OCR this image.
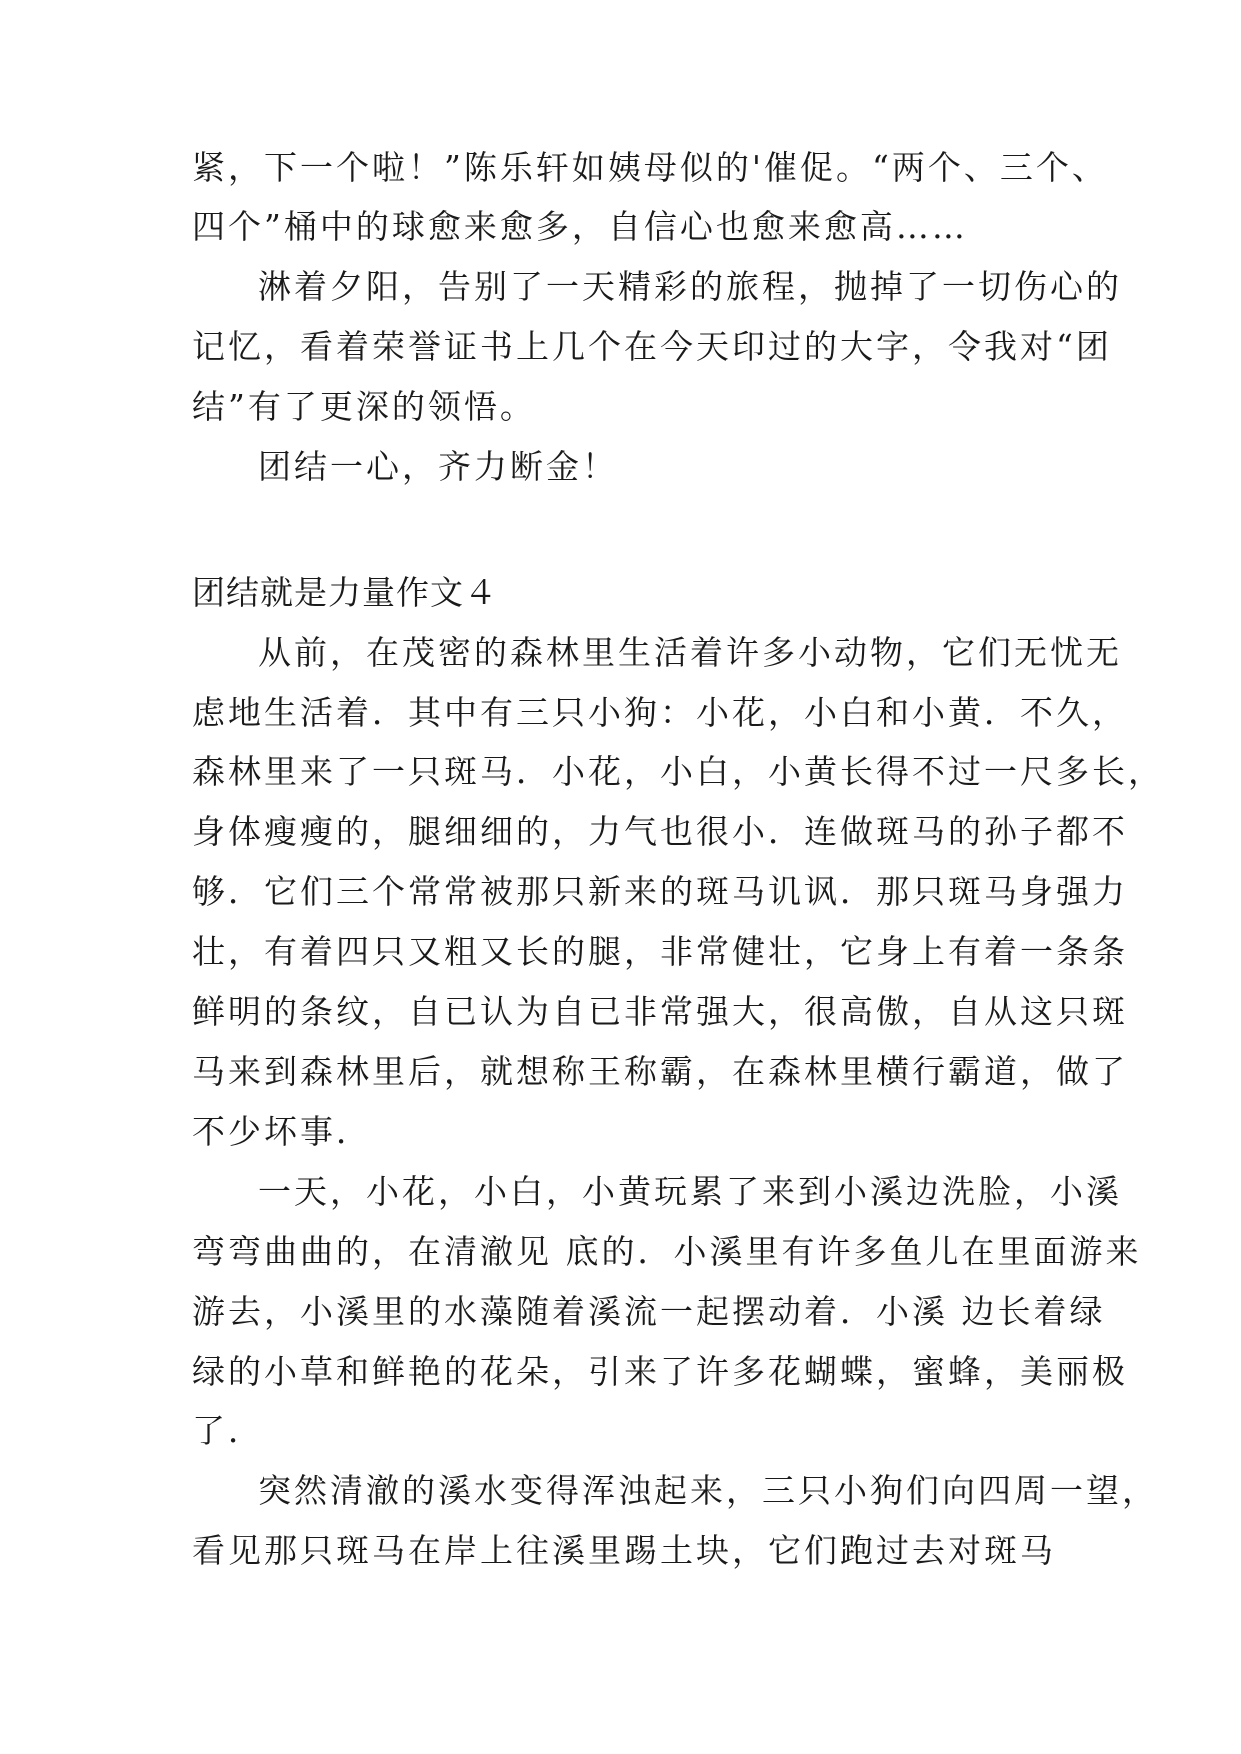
紧，下一个啦！”陈乐轩如姨母似的'催促。“两个、三个、
四个”桶中的球愈来愈多，自信心也愈来愈高……
淋着夕阳，告别了一天精彩的旅程，抛掉了一切伤心的
记忆，看着荣誉证书上几个在今天印过的大字，令我对“团
结”有了更深的领悟。
团结一心，齐力断金！
团结就是力量作文４
从前，在茂密的森林里生活着许多小动物，它们无忧无
虑地生活着．其中有三只小狗：小花，小白和小黄．不久，
森林里来了一只斑马．小花，小白，小黄长得不过一尺多长，
身体瘦瘦的，腿细细的，力气也很小．连做斑马的孙子都不
够．它们三个常常被那只新来的斑马讥讽．那只斑马身强力
壮，有着四只又粗又长的腿，非常健壮，它身上有着一条条
鲜明的条纹，自已认为自已非常强大，很高傲，自从这只斑
马来到森林里后，就想称王称霸，在森林里横行霸道，做了
不少坏事．
一天，小花，小白，小黄玩累了来到小溪边洗脸，小溪
弯弯曲曲的，在清澈见 底的．小溪里有许多鱼儿在里面游来
游去，小溪里的水藻随着溪流一起摆动着．小溪 边长着绿
绿的小草和鲜艳的花朵，引来了许多花蝴蝶，蜜蜂，美丽极
了．
突然清澈的溪水变得浑浊起来，三只小狗们向四周一望，
看见那只斑马在岸上往溪里踢土块，它们跑过去对斑马
